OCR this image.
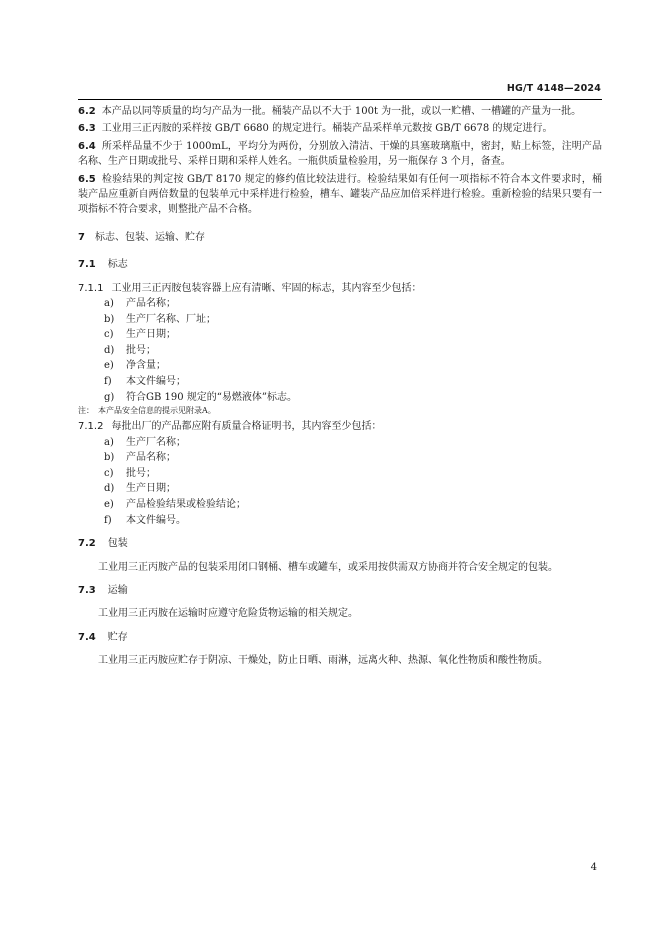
HG/T 4148—2024

6.2 本产品以同等质量的均匀产品为一批。桶装产品以不大于 100t 为一批，或以一贮槽、一槽罐的产量为一批。

6.3 工业用三正丙胺的采样按 GB/T 6680 的规定进行。桶装产品采样单元数按 GB/T 6678 的规定进行。

6.4 所采样品量不少于 1000mL，平均分为两份，分别放入清洁、干燥的具塞玻璃瓶中，密封，贴上标签，注明产品名称、生产日期或批号、采样日期和采样人姓名。一瓶供质量检验用，另一瓶保存 3 个月，备查。

6.5 检验结果的判定按 GB/T 8170 规定的修约值比较法进行。检验结果如有任何一项指标不符合本文件要求时，桶装产品应重新自两倍数量的包装单元中采样进行检验，槽车、罐装产品应加倍采样进行检验。重新检验的结果只要有一项指标不符合要求，则整批产品不合格。

7 标志、包装、运输、贮存
7.1 标志

7.1.1 工业用三正丙胺包装容器上应有清晰、牢固的标志，其内容至少包括：

a) 产品名称；
b) 生产厂名称、厂址；
c) 生产日期；
d) 批号；
e) 净含量；
f) 本文件编号；
g) 符合GB 190 规定的“易燃液体”标志。

注： 本产品安全信息的提示见附录A。

7.1.2 每批出厂的产品都应附有质量合格证明书，其内容至少包括：

a) 生产厂名称；
b) 产品名称；
c) 批号；
d) 生产日期；
e) 产品检验结果或检验结论；
f) 本文件编号。
7.2 包装

工业用三正丙胺产品的包装采用闭口钢桶、槽车或罐车，或采用按供需双方协商并符合安全规定的包装。

7.3 运输

工业用三正丙胺在运输时应遵守危险货物运输的相关规定。

7.4 贮存

工业用三正丙胺应贮存于阴凉、干燥处，防止日晒、雨淋，远离火种、热源、氧化性物质和酸性物质。

4
